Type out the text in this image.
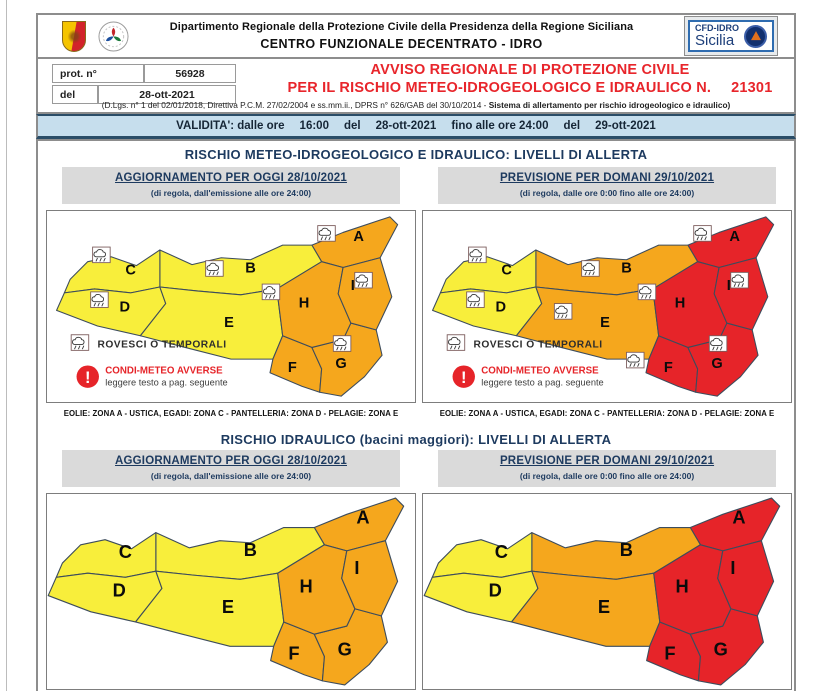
Dipartimento Regionale della Protezione Civile della Presidenza della Regione Siciliana
CENTRO FUNZIONALE DECENTRATO - IDRO
CFD-IDRO
Sicilia
prot. n°	56928
del	28-ott-2021
AVVISO REGIONALE DI PROTEZIONE CIVILE
PER IL RISCHIO METEO-IDROGEOLOGICO E IDRAULICO N. 21301
(D.Lgs. n° 1 del 02/01/2018, Direttiva P.C.M. 27/02/2004 e ss.mm.ii., DPRS n° 626/GAB del 30/10/2014 - Sistema di allertamento per rischio idrogeologico e idraulico)
VALIDITA': dalle ore 16:00 del 28-ott-2021 fino alle ore 24:00 del 29-ott-2021
RISCHIO METEO-IDROGEOLOGICO E IDRAULICO: LIVELLI DI ALLERTA
AGGIORNAMENTO PER OGGI 28/10/2021
(di regola, dall'emissione alle ore 24:00)
A
B
C
D
E
F	G
H
I
ROVESCI O TEMPORALI
! CONDI-METEO AVVERSE
leggere testo a pag. seguente
EOLIE: ZONA A - USTICA, EGADI: ZONA C - PANTELLERIA: ZONA D - PELAGIE: ZONA E
PREVISIONE PER DOMANI 29/10/2021
(di regola, dalle ore 0:00 fino alle ore 24:00)
A
B
C
D
E
F	G
H
I
ROVESCI O TEMPORALI
! CONDI-METEO AVVERSE
leggere testo a pag. seguente
EOLIE: ZONA A - USTICA, EGADI: ZONA C - PANTELLERIA: ZONA D - PELAGIE: ZONA E
RISCHIO IDRAULICO (bacini maggiori): LIVELLI DI ALLERTA
AGGIORNAMENTO PER OGGI 28/10/2021
(di regola, dall'emissione alle ore 24:00)
A
B
C
D
E
F G
H
I
PREVISIONE PER DOMANI 29/10/2021
(di regola, dalle ore 0:00 fino alle ore 24:00)
A
B
C
D
E
F G
H
I
